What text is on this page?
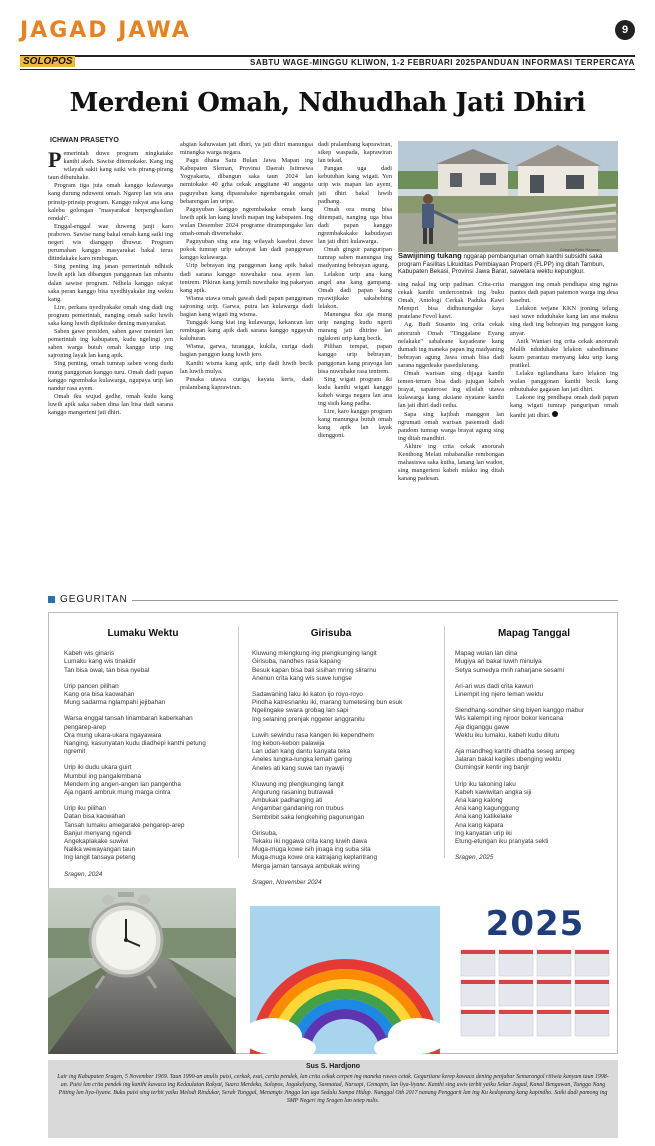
JAGAD JAWA	9
SOLOPOS	SABTU WAGE-MINGGU KLIWON, 1-2 FEBRUARI 2025 PANDUAN INFORMASI TERPERCAYA
Merdeni Omah, Ndhudhah Jati Dhiri
ICHWAN PRASETYO

Pemerintah duwe program ningkatake kanthi akeh. Sawise ditemokake. Kang ing wilayah sakit kang saiki wis pirang-pirang taun dibutuhake.

Program tiga juta omah kanggo kulawarga kang durung nduweni omah. Ngarep lan wis ana prinsip-prinsip program. Kanggo rakyat ana kang kalebu golongan "masyarakat berpenghasilan rendah".

Enggal-enggal wae duweng janji karo prabowo. Sawise nang bakal omah kang saiki ing negeri wis dianggep dhuwur. Program perumahan kanggo masyarakat bakal terus ditindakake karo rembugan.

Sing penting ing janan pemerintah ndhisik luwih apik lan dibangun panggonan lan mbantu dalan sawise program. Ndhela kanggo rakyat saka peran kanggo bisa nyedhiyakake ing wektu kang.

Lire, perkara nyediyakake omah sing dadi ing program pemerintah, nanging omah saiki luwih saka kang luwih dipikirake dening masyarakat.

Saben gawe presiden, saben gawe menteri lan pemerintah ing kabupaten, kudu ngelingi yen saben warga butuh omah kanggo urip ing sajroning layak lan kang apik.

Sing penting, omah tumrap saben wong dudu mung panggonan kanggo turu. Omah dadi papan kanggo ngrembaka kulawarga, ngupaya urip lan nandur rasa ayem.

Omah iku wujud gedhe, omah kudu kang luwih apik saka saben dina lan bisa dadi sarana kanggo mangerteni jati dhiri.

abgian kahuwatan jati dhiri, ya jati dhiri manungsa minangka warga negara.

Pagu dhana Satu Bulan Jawa Mapan ing Kabupaten Sleman, Provinsi Daerah Istimewa Yogyakarta, dibangun saka taun 2024 lan nemtokake 40 grha cekak anggitane 40 anggota paguyuban kang dipasrahake ngembangake omah bebarengan lan uripe.

Paguyuban kanggo ngrembakake omah kang luwih apik lan kang luwih mapan ing kabupaten. Ing wulan Desember 2024 programe dirampungake lan omah-omah diwenehake.

Paguyuban sing ana ing wilayah kasebut duwe pokok tumrap urip sabrayat lan dadi panggonan kanggo kulawarga.

Urip bebrayan ing panggonan kang apik bakal dadi sarana kanggo nuwuhake rasa ayem lan tentrem. Pikiran kang jernih nuwuhake ing pakaryan kang apik.

Wisma utawa omah gawah dadi papan panggonan sajroning urip. Garwa, putra lan kulawarga dadi bagian kang wigati ing wisma.

Tunggak kang kiat ing kulawarga, kekancan lan rembugan kang apik dadi sarana kanggo nggayuh kaluhuran.

Wisma, garwa, turangga, kukila, curiga dadi bagian panggon kang luwih jero.

Kanthi wisma kang apik, urip dadi luwih becik lan luwih mulya.

Pusaka utawa curiga, kayata keris, dadi pralambang kaprawiran.

dadi pralambang kaprawiran, sikep waspada, kaprawiran lan tekad.

Pangan uga dadi kebutuhan kang wigati. Yen urip wis mapan lan ayem, jati dhiri bakal luwih padhang.

Omah ora mung bisa ditempati, nanging uga bisa dadi papan kanggo ngrembakakake kabudayan lan jati dhiri kulawarga.

Omah gingsir panguripan tumrap saben manungsa ing madyaning bebrayan agung.

Lelakon urip ana kang angel ana kang gampang. Omah dadi papan kang nyawijikake sakabehing lelakon.

Manungsa iku aja mung urip nanging kudu ngerti marang jati dhirine lan nglakoni urip kang becik.

Pilihan tempat, papan kanggo urip bebrayan, panggonan kang prayoga lan bisa nuwuhake rasa tentrem.

Sing wigati program iki kudu kanthi wigati kanggo kabeh warga negara lan ana ing sisih kang padha.

Lire, karo kanggo program kang manungsa butuh omah kang apik lan layak dienggoni.

Solopos/Tahir Rahman
Sawijining tukang nggarap pembangunan omah kanthi subsidhi saka program Fasilitas Likuiditas Pembiayaan Properti (FLPP) ing ditah Tambun, Kabupaten Bekasi, Provinsi Jawa Barat, sawetara wektu kepungkur.

sing nakal ing urip padinan. Crita-crita cekak kanthi undercontrak ing buku Omah, Antologi Cerkak Paduka Kawi Mempri bisa didhunungake kaya pratelane Fevol kawi.

Ag. Budi Susanto ing crita cekak anorurah Omah "Tinggalane Eyang nelakake" sabaleane kayadeane kang dumadi ing maneka papan ing madyaning bebrayan agung Jawa omah bisa dadi sarana nggedeake pasedulurang.

Omah warisan sing dijaga kanthi temen-temen bisa dadi jujugan kabeh brayat, sapaterose ing silsilah utawa kulawarga kang aksiane nyatane kanthi lan jati dhiri dadi cetha.

Sapa sing kajibah manggon lan ngrumati omah warisan pasemudi dadi pandom tumrap warga brayat agung sing ing ditah mandhiri.

Akhire ing crita cekak anorurah Kenthong Melati mbabaralke rembongan mahasiswa saka kutha, lanang lan wadon, sing mangerteni kabeh mlaku ing ditah kanang padesan.

manggon ing omah pendhapa sing ngiras pantes dadi papan patemon warga ing desa kasebut.

Lelakon wejane KKN jroning telung sasi suwe nduduhake kang lan ana makna sing dadi ing bebrayan ing panggon kang anyar.

Anik Wantari ing crita cekak anorurah Mulih nduduhake lelakon sabedhinane kaum perantau menyang laku urip kang pratikel.

Lelaku ngilandhana karo lelakon ing wulan panggonan kanthi becik kang mbutuhake gagasan lan jati dhiri.

Lakone ing pendhapa omah dadi papan kang wigati tumrap panguripan omah kanthi jati dhiri.

GEGURITAN
Lumaku Wektu
Kabeh wis ginaris
Lumaku kang wis tinakdir
Tan bisa owal, tan bisa nyebal
Urip pancen pilihan
Kang ora bisa kaowahan
Mung sadarma nglampahi jejibahan
Warsa enggal tansah linambaran kaberkahan
pengarep-arep
Ora mung ukara-ukara ngayawara
Nanging, kasunyatan kudu diadhepi kanthi petung
ngremit
Urip iki dudu ukara guirt
Mumbul ing pangalembana
Mendem ing angen-angen lan pangentha
Aja nganti ambruk mung marga cintra
Urip iku pilihan
Datan bisa kaowahan
Tansah lumaku amegarake pengarep-arep
Banjur menyang ngendi
Angekaplakake suwiwi
Nalika wewayangan taun
Ing langit tansaya peteng
Sragen, 2024
Girisuba
Kluwung mlengkung ing plengkunging langit
Girisuba, nandhes rasa kapang
Besuk kapan bisa bali sisihan mring slirarnu
Anenun crita kang wis suwe lungse
Sadawaning laku iki katon ijo royo-royo
Pindha katresnanku iki, marang tumetesing bun esuk
Ngelingake swara grobag lan sapi
Ing selaning prenjak nggeter anggranitu
Luwih sewindu rasa kangen iki kependhem
Ing kebon-kebon palawija
Lan udan kang dantu kanyata teka
Aneles lungka-lungka lemah garing
Aneles ati kang suwe tan nyawiji
Kluwung ing plengkunging langit
Angurung rasaning butrawali
Ambukak padhanging ati
Angambar gandaning ron trubus
Sembribit saka lengkehing pagunungan
Girisuba,
Tekaku iki nggawa crita kang luwih dawa
Muga-muga kowe isih jinaga ing suba sita
Muga-muga kowe ora katrajang keplantrang
Merga jaman tansaya ambukak wiring
Sragen, November 2024
Mapag Tanggal
Mapag wulan lan dina
Mugiya ari bakal luwih minulya
Setya sumedya mrih raharjane sesami
Ari-ari wus dadi crita kawuri
Linempit ing njero leman wektu
Slendhang-sondher sing biyen kanggo mabur
Wis kalempit ing njroor bokor kencana
Aja diganggu gawe
Wektu iku lumaku, kabeh kudu diluru
Aja mandheg kanthi dhadha seseg ampeg
Jalaran bakal kegiles ubenging wektu
Gumingsir kentir ing banjir
Urip iku lakoning laku
Kabeh kawiwitan angka siji
Ana kang kalong
Ana kang kagunggung
Ana kang katikelake
Ana kang kapara
Ing kanyatan urip iki
Etung-etungan iku pranyata sekti
Sragen, 2025
2025
Sus S. Hardjono
Lair ing Kabupaten Sragen, 5 November 1969. Taun 1990-an anulis puisi, cerkak, esai, cerita pendek, lan crita cekak cerpen ing maneka ruwes cetak. Geguritane kerep kawaca dening penjabar Semarangol ritiwia kanyam taun 1998-an. Puisi lan crita pendek ing kanthi kawaca ing Kedaulatan Rakyat, Suara Merdeka, Solopos, Jagakalyang, Sasmatad, Narsapi, Cemapin, lan liya-liyane. Kanthi sing uwis terbit yaiku Sekar Jagad, Kanal Bengawan, Tungga Nang Pitting lan liya-liyane. Buku puisi sing terbit yaiku Melodi Rindukar, Serah Tunggal, Menangis Jingga lan uga Sedalu Sampa Hidup. Nanggal Oth 2017 nanang Penggarit lan ing Ku kedopeang kang kapindho. Saiki dadi pamong ing SMP Negeri ing Sragen lan tetep nulis.
